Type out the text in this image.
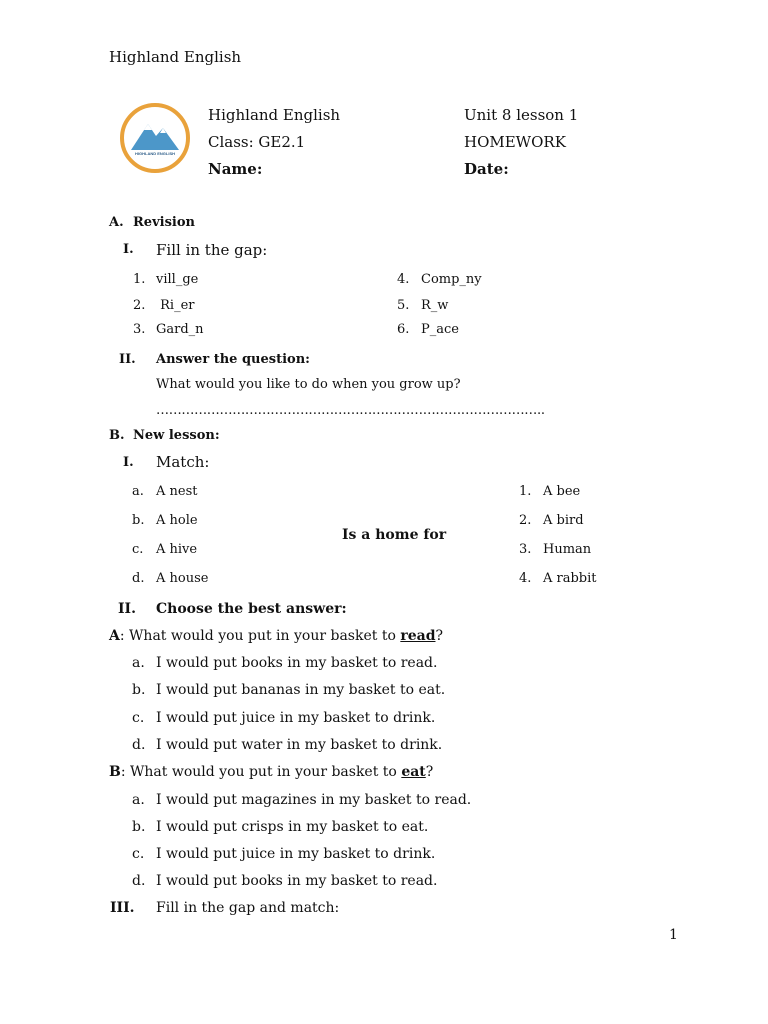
Highland English
HIGHLAND ENGLISH
Highland English
Class: GE2.1
Name:
Unit 8 lesson 1
HOMEWORK
Date:
A. Revision
I. Fill in the gap:
1. vill_ge
2. Ri_er
3. Gard_n
4. Comp_ny
5. R_w
6. P_ace
II. Answer the question:
What would you like to do when you grow up?
………………………………………………………………………………..
B. New lesson:
I. Match:
a. A nest
b. A hole
c. A hive
d. A house
Is a home for
1. A bee
2. A bird
3. Human
4. A rabbit
II. Choose the best answer:
A: What would you put in your basket to read?
a. I would put books in my basket to read.
b. I would put bananas in my basket to eat.
c. I would put juice in my basket to drink.
d. I would put water in my basket to drink.
B: What would you put in your basket to eat?
a. I would put magazines in my basket to read.
b. I would put crisps in my basket to eat.
c. I would put juice in my basket to drink.
d. I would put books in my basket to read.
III. Fill in the gap and match:
1
